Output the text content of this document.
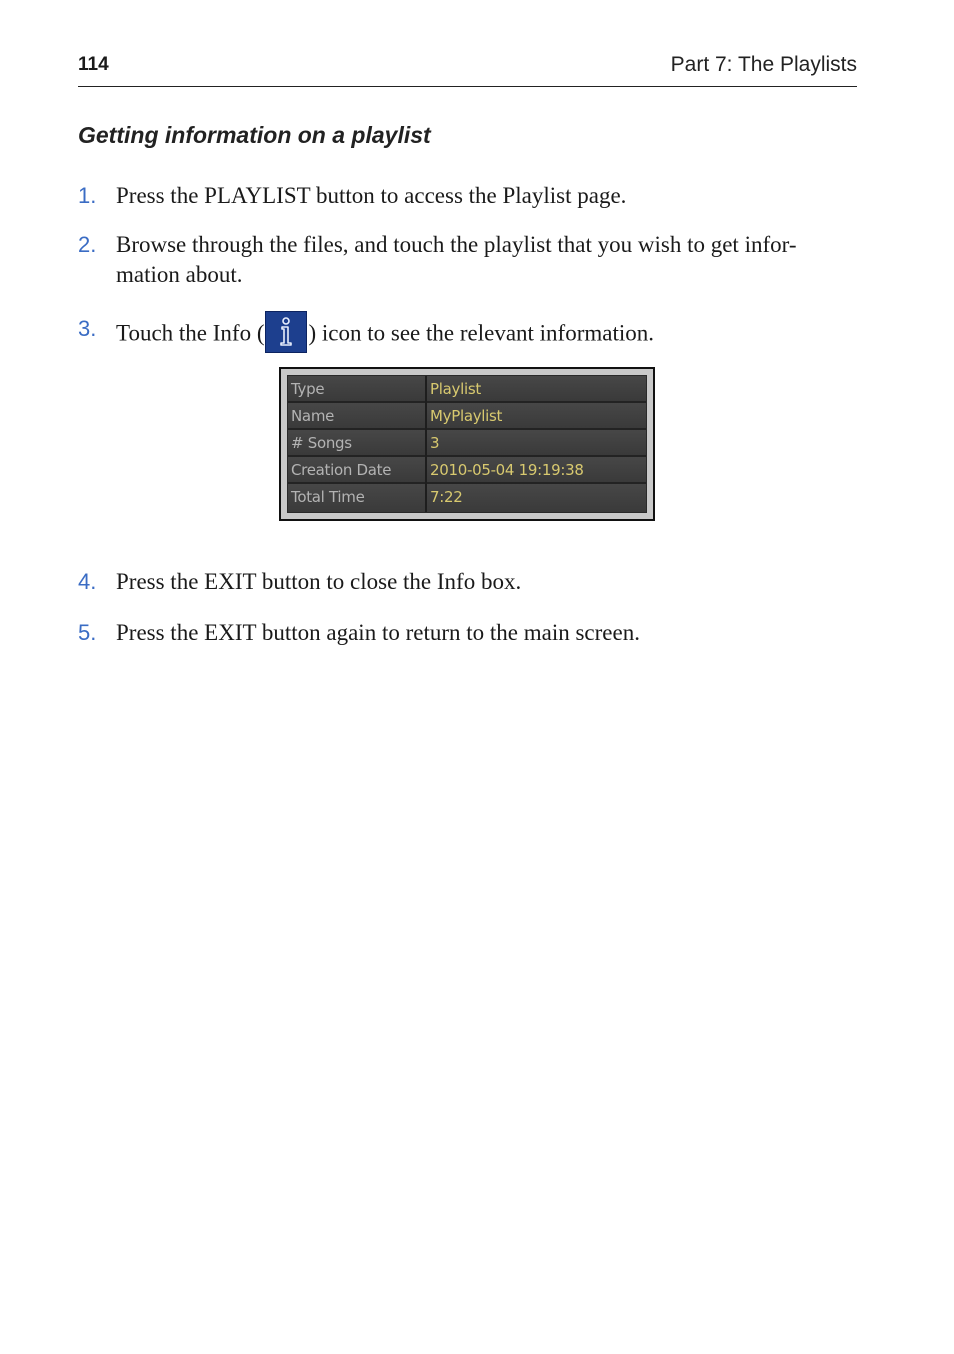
114	Part 7: The Playlists
Getting information on a playlist
1. Press the PLAYLIST button to access the Playlist page.
2. Browse through the files, and touch the playlist that you wish to get infor-
mation about.
3. Touch the Info ( ) icon to see the relevant information.
Type	Playlist
Name	MyPlaylist
# Songs	3
Creation Date	2010-05-04 19:19:38
Total Time	7:22
4. Press the EXIT button to close the Info box.
5. Press the EXIT button again to return to the main screen.
